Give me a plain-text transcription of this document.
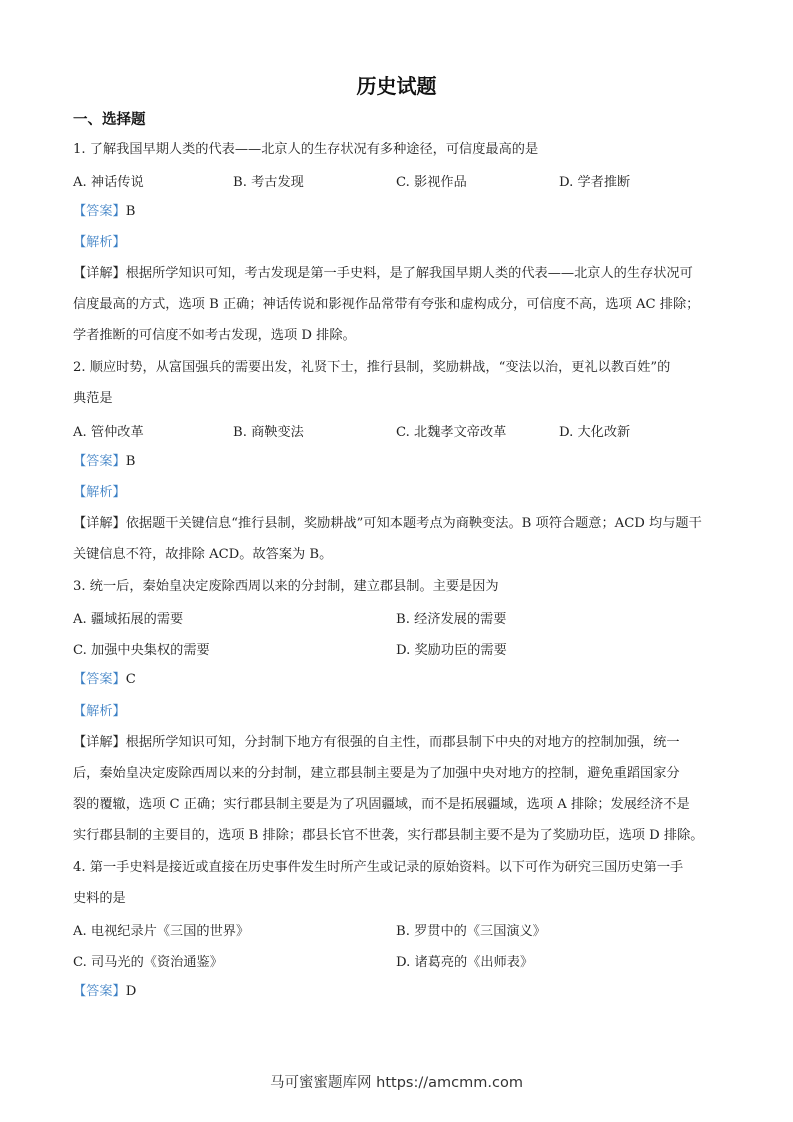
历史试题
一、选择题
1. 了解我国早期人类的代表——北京人的生存状况有多种途径，可信度最高的是
A. 神话传说	B. 考古发现	C. 影视作品	D. 学者推断
【答案】B
【解析】
【详解】根据所学知识可知，考古发现是第一手史料，是了解我国早期人类的代表——北京人的生存状况可
信度最高的方式，选项 B 正确；神话传说和影视作品常带有夸张和虚构成分，可信度不高，选项 AC 排除；
学者推断的可信度不如考古发现，选项 D 排除。
2. 顺应时势，从富国强兵的需要出发，礼贤下士，推行县制，奖励耕战，“变法以治，更礼以教百姓”的
典范是
A. 管仲改革	B. 商鞅变法	C. 北魏孝文帝改革	D. 大化改新
【答案】B
【解析】
【详解】依据题干关键信息“推行县制，奖励耕战”可知本题考点为商鞅变法。B 项符合题意；ACD 均与题干
关键信息不符，故排除 ACD。故答案为 B。
3. 统一后，秦始皇决定废除西周以来的分封制，建立郡县制。主要是因为
A. 疆域拓展的需要	B. 经济发展的需要
C. 加强中央集权的需要	D. 奖励功臣的需要
【答案】C
【解析】
【详解】根据所学知识可知，分封制下地方有很强的自主性，而郡县制下中央的对地方的控制加强，统一
后，秦始皇决定废除西周以来的分封制，建立郡县制主要是为了加强中央对地方的控制，避免重蹈国家分
裂的覆辙，选项 C 正确；实行郡县制主要是为了巩固疆域，而不是拓展疆域，选项 A 排除；发展经济不是
实行郡县制的主要目的，选项 B 排除；郡县长官不世袭，实行郡县制主要不是为了奖励功臣，选项 D 排除。
4. 第一手史料是接近或直接在历史事件发生时所产生或记录的原始资料。以下可作为研究三国历史第一手
史料的是
A. 电视纪录片《三国的世界》	B. 罗贯中的《三国演义》
C. 司马光的《资治通鉴》	D. 诸葛亮的《出师表》
【答案】D
马可蜜蜜题库网 https://amcmm.com
